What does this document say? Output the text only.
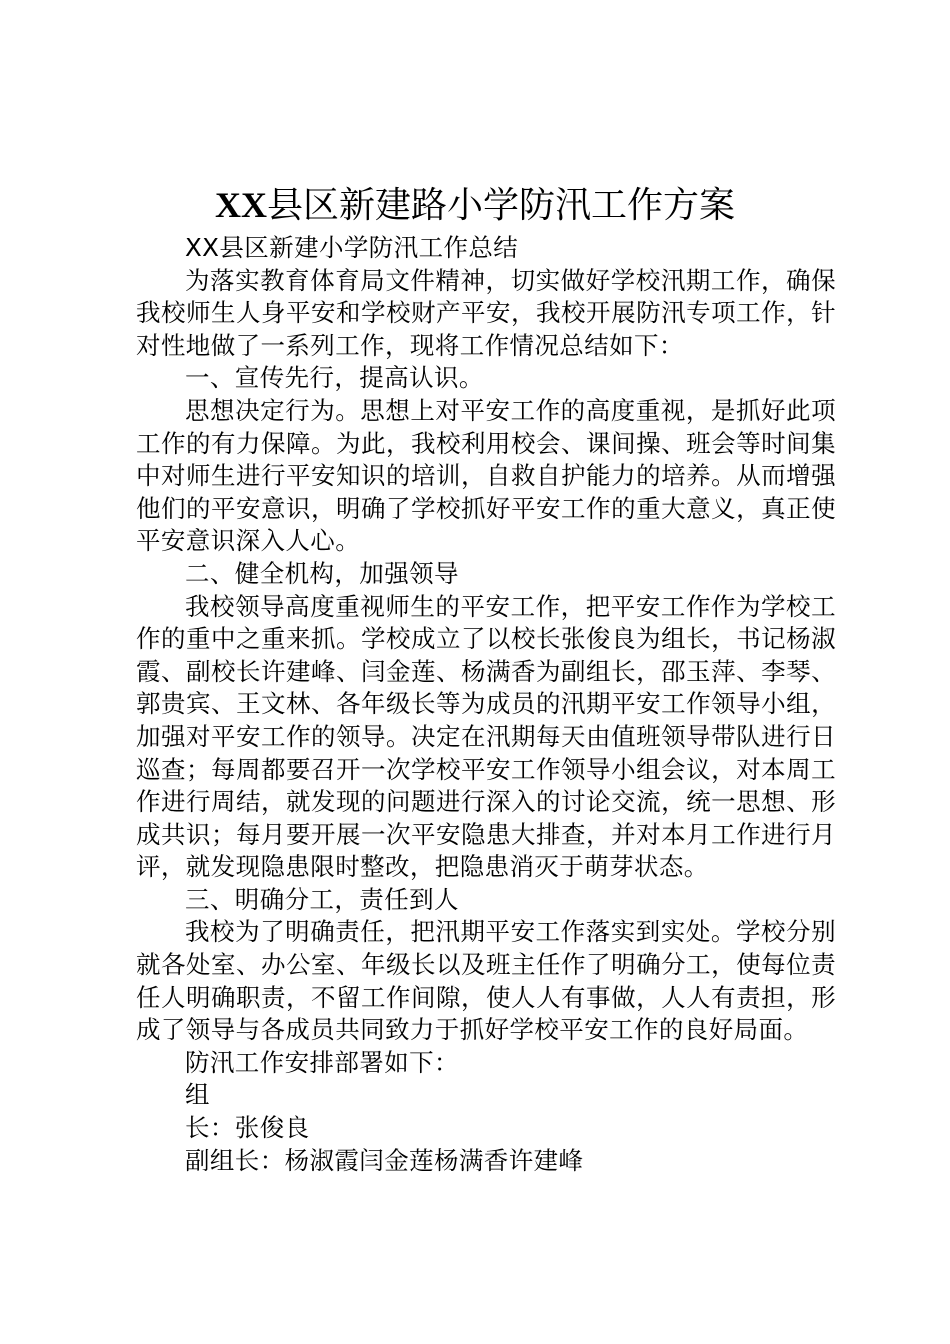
XX县区新建路小学防汛工作方案

XX县区新建小学防汛工作总结

为落实教育体育局文件精神，切实做好学校汛期工作，确保我校师生人身平安和学校财产平安，我校开展防汛专项工作，针对性地做了一系列工作，现将工作情况总结如下：

一、宣传先行，提高认识。

思想决定行为。思想上对平安工作的高度重视，是抓好此项工作的有力保障。为此，我校利用校会、课间操、班会等时间集中对师生进行平安知识的培训，自救自护能力的培养。从而增强他们的平安意识，明确了学校抓好平安工作的重大意义，真正使平安意识深入人心。

二、健全机构，加强领导

我校领导高度重视师生的平安工作，把平安工作作为学校工作的重中之重来抓。学校成立了以校长张俊良为组长，书记杨淑霞、副校长许建峰、闫金莲、杨满香为副组长，邵玉萍、李琴、郭贵宾、王文林、各年级长等为成员的汛期平安工作领导小组，加强对平安工作的领导。决定在汛期每天由值班领导带队进行日巡查；每周都要召开一次学校平安工作领导小组会议，对本周工作进行周结，就发现的问题进行深入的讨论交流，统一思想、形成共识；每月要开展一次平安隐患大排查，并对本月工作进行月评，就发现隐患限时整改，把隐患消灭于萌芽状态。

三、明确分工，责任到人

我校为了明确责任，把汛期平安工作落实到实处。学校分别就各处室、办公室、年级长以及班主任作了明确分工，使每位责任人明确职责，不留工作间隙，使人人有事做，人人有责担，形成了领导与各成员共同致力于抓好学校平安工作的良好局面。

防汛工作安排部署如下：

组

长：张俊良

副组长：杨淑霞闫金莲杨满香许建峰
